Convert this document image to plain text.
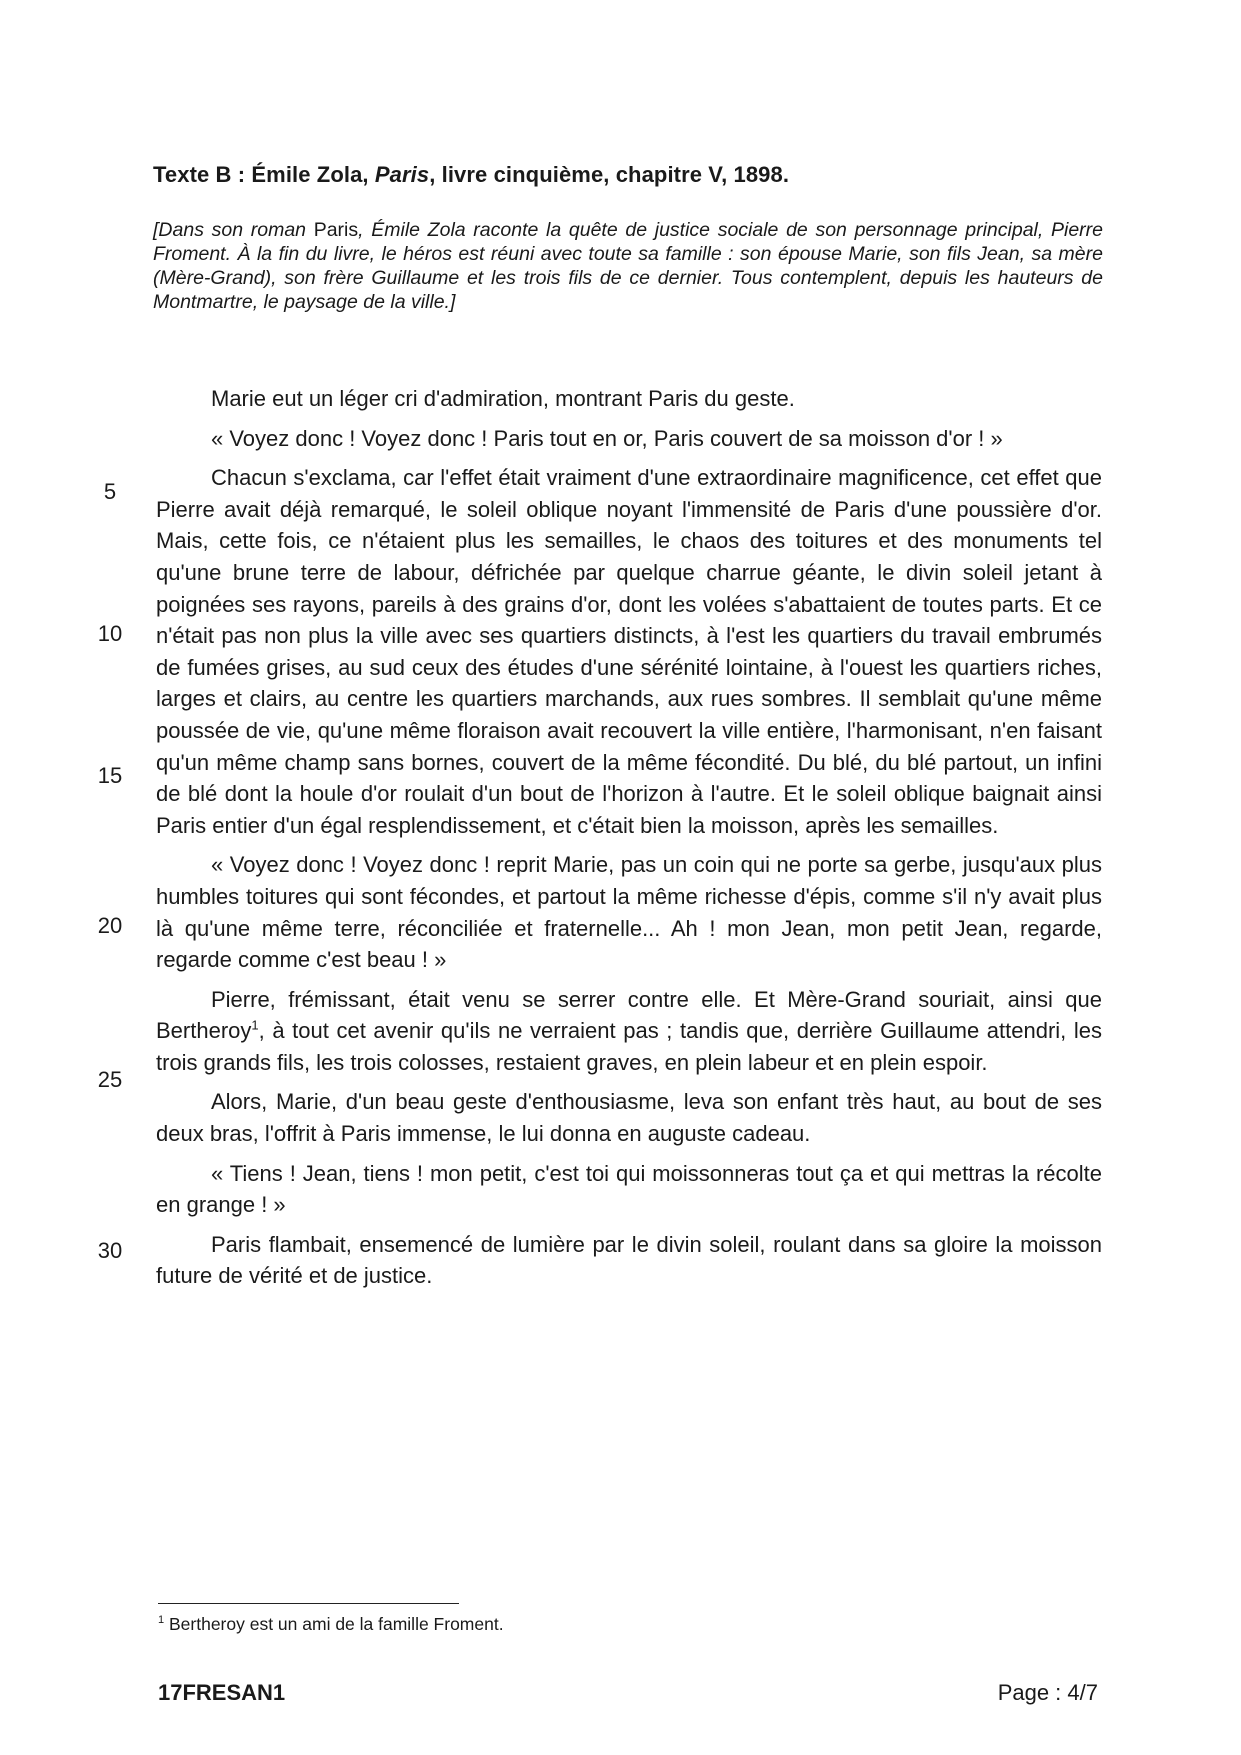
Texte B : Émile Zola, Paris, livre cinquième, chapitre V, 1898.
[Dans son roman Paris, Émile Zola raconte la quête de justice sociale de son personnage principal, Pierre Froment. À la fin du livre, le héros est réuni avec toute sa famille : son épouse Marie, son fils Jean, sa mère (Mère-Grand), son frère Guillaume et les trois fils de ce dernier. Tous contemplent, depuis les hauteurs de Montmartre, le paysage de la ville.]

Marie eut un léger cri d'admiration, montrant Paris du geste.

« Voyez donc ! Voyez donc ! Paris tout en or, Paris couvert de sa moisson d'or ! »

Chacun s'exclama, car l'effet était vraiment d'une extraordinaire magnificence, cet effet que Pierre avait déjà remarqué, le soleil oblique noyant l'immensité de Paris d'une poussière d'or. Mais, cette fois, ce n'étaient plus les semailles, le chaos des toitures et des monuments tel qu'une brune terre de labour, défrichée par quelque charrue géante, le divin soleil jetant à poignées ses rayons, pareils à des grains d'or, dont les volées s'abattaient de toutes parts. Et ce n'était pas non plus la ville avec ses quartiers distincts, à l'est les quartiers du travail embrumés de fumées grises, au sud ceux des études d'une sérénité lointaine, à l'ouest les quartiers riches, larges et clairs, au centre les quartiers marchands, aux rues sombres. Il semblait qu'une même poussée de vie, qu'une même floraison avait recouvert la ville entière, l'harmonisant, n'en faisant qu'un même champ sans bornes, couvert de la même fécondité. Du blé, du blé partout, un infini de blé dont la houle d'or roulait d'un bout de l'horizon à l'autre. Et le soleil oblique baignait ainsi Paris entier d'un égal resplendissement, et c'était bien la moisson, après les semailles.

« Voyez donc ! Voyez donc ! reprit Marie, pas un coin qui ne porte sa gerbe, jusqu'aux plus humbles toitures qui sont fécondes, et partout la même richesse d'épis, comme s'il n'y avait plus là qu'une même terre, réconciliée et fraternelle... Ah ! mon Jean, mon petit Jean, regarde, regarde comme c'est beau ! »

Pierre, frémissant, était venu se serrer contre elle. Et Mère-Grand souriait, ainsi que Bertheroy$^1$, à tout cet avenir qu'ils ne verraient pas ; tandis que, derrière Guillaume attendri, les trois grands fils, les trois colosses, restaient graves, en plein labeur et en plein espoir.

Alors, Marie, d'un beau geste d'enthousiasme, leva son enfant très haut, au bout de ses deux bras, l'offrit à Paris immense, le lui donna en auguste cadeau.

« Tiens ! Jean, tiens ! mon petit, c'est toi qui moissonneras tout ça et qui mettras la récolte en grange ! »

Paris flambait, ensemencé de lumière par le divin soleil, roulant dans sa gloire la moisson future de vérité et de justice.

5
10
15
20
25
30
$^1$ Bertheroy est un ami de la famille Froment.
17FRESAN1	Page : 4/7
